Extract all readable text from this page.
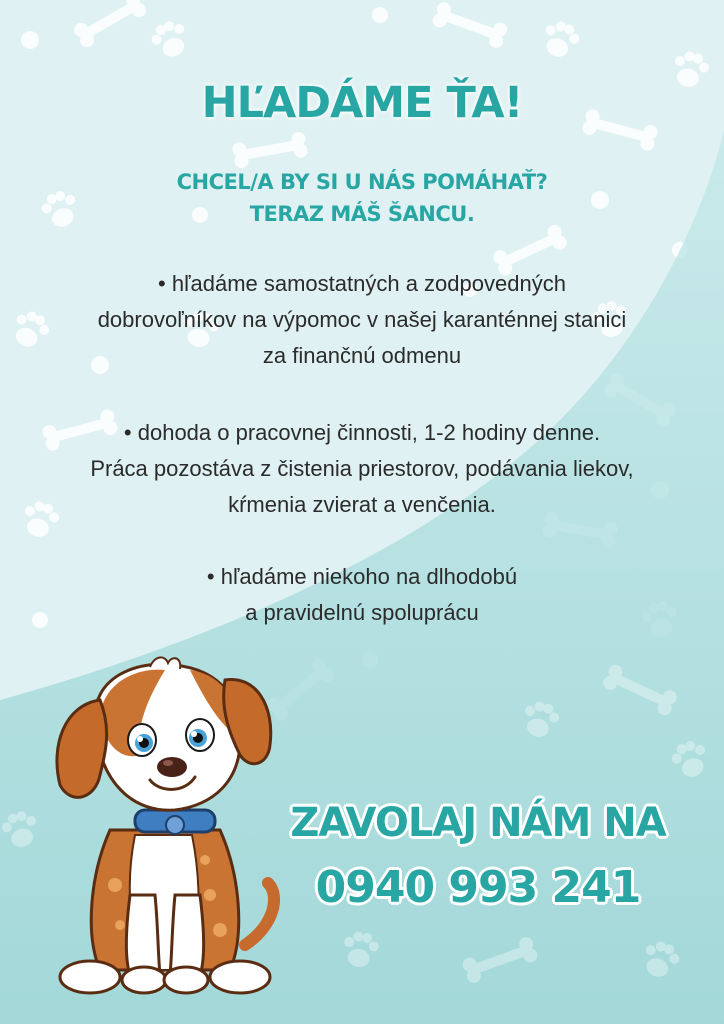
HĽADÁME ŤA!
CHCEL/A BY SI U NÁS POMÁHAŤ?
TERAZ MÁŠ ŠANCU.
• hľadáme samostatných a zodpovedných
dobrovoľníkov na výpomoc v našej karanténnej stanici
za finančnú odmenu
• dohoda o pracovnej činnosti, 1-2 hodiny denne.
Práca pozostáva z čistenia priestorov, podávania liekov,
kŕmenia zvierat a venčenia.
• hľadáme niekoho na dlhodobú
a pravidelnú spoluprácu
ZAVOLAJ NÁM NA
0940 993 241
